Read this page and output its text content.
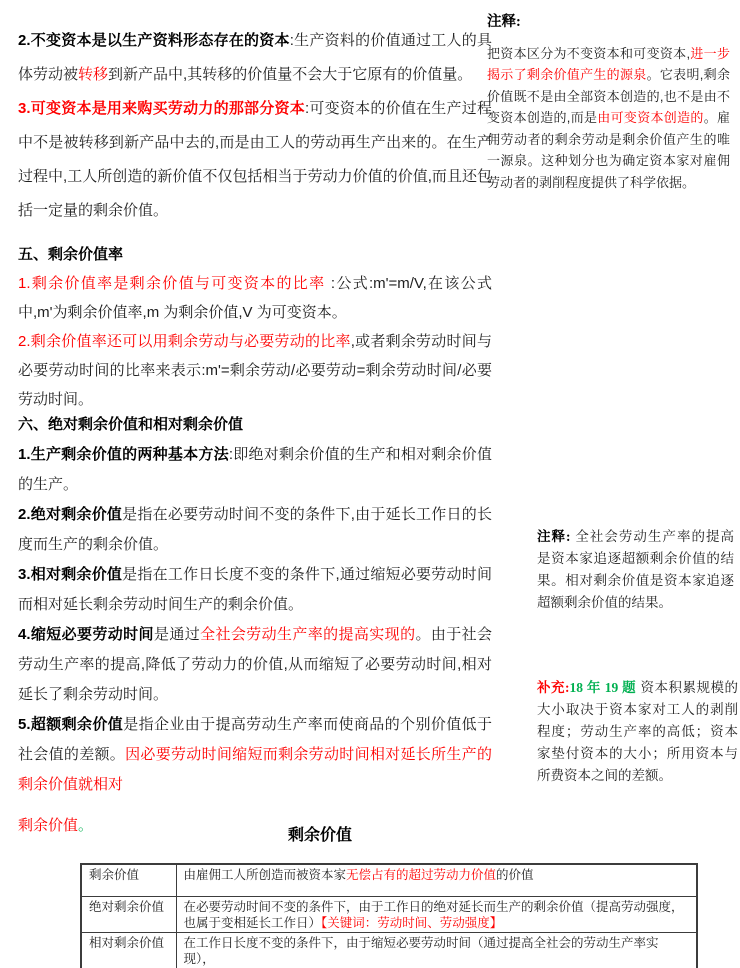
2.不变资本是以生产资料形态存在的资本:生产资料的价值通过工人的具体劳动被转移到新产品中,其转移的价值量不会大于它原有的价值量。

3.可变资本是用来购买劳动力的那部分资本:可变资本的价值在生产过程中不是被转移到新产品中去的,而是由工人的劳动再生产出来的。在生产过程中,工人所创造的新价值不仅包括相当于劳动力价值的价值,而且还包括一定量的剩余价值。

五、剩余价值率

1.剩余价值率是剩余价值与可变资本的比率 :公式:m'=m/V,在该公式中,m'为剩余价值率,m 为剩余价值,V 为可变资本。

2.剩余价值率还可以用剩余劳动与必要劳动的比率,或者剩余劳动时间与必要劳动时间的比率来表示:m'=剩余劳动/必要劳动=剩余劳动时间/必要劳动时间。

六、绝对剩余价值和相对剩余价值

1.生产剩余价值的两种基本方法:即绝对剩余价值的生产和相对剩余价值的生产。

2.绝对剩余价值是指在必要劳动时间不变的条件下,由于延长工作日的长度而生产的剩余价值。

3.相对剩余价值是指在工作日长度不变的条件下,通过缩短必要劳动时间而相对延长剩余劳动时间生产的剩余价值。

4.缩短必要劳动时间是通过全社会劳动生产率的提高实现的。由于社会劳动生产率的提高,降低了劳动力的价值,从而缩短了必要劳动时间,相对延长了剩余劳动时间。

5.超额剩余价值是指企业由于提高劳动生产率而使商品的个别价值低于社会值的差额。因必要劳动时间缩短而剩余劳动时间相对延长所生产的剩余价值就相对

剩余价值。

注释:
把资本区分为不变资本和可变资本,进一步揭示了剩余价值产生的源泉。它表明,剩余价值既不是由全部资本创造的,也不是由不变资本创造的,而是由可变资本创造的。雇佣劳动者的剩余劳动是剩余价值产生的唯一源泉。这种划分也为确定资本家对雇佣劳动者的剥削程度提供了科学依据。
注释: 全社会劳动生产率的提高是资本家追逐超额剩余价值的结果。相对剩余价值是资本家追逐超额剩余价值的结果。
补充:18 年 19 题 资本积累规模的大小取决于资本家对工人的剥削程度；劳动生产率的高低；资本家垫付资本的大小；所用资本与所费资本之间的差额。
剩余价值
剩余价值	由雇佣工人所创造而被资本家无偿占有的超过劳动力价值的价值
绝对剩余价值	在必要劳动时间不变的条件下，由于工作日的绝对延长而生产的剩余价值（提高劳动强度，也属于变相延长工作日）【关键词：劳动时间、劳动强度】
相对剩余价值	在工作日长度不变的条件下，由于缩短必要劳动时间（通过提高全社会的劳动生产率实现），
